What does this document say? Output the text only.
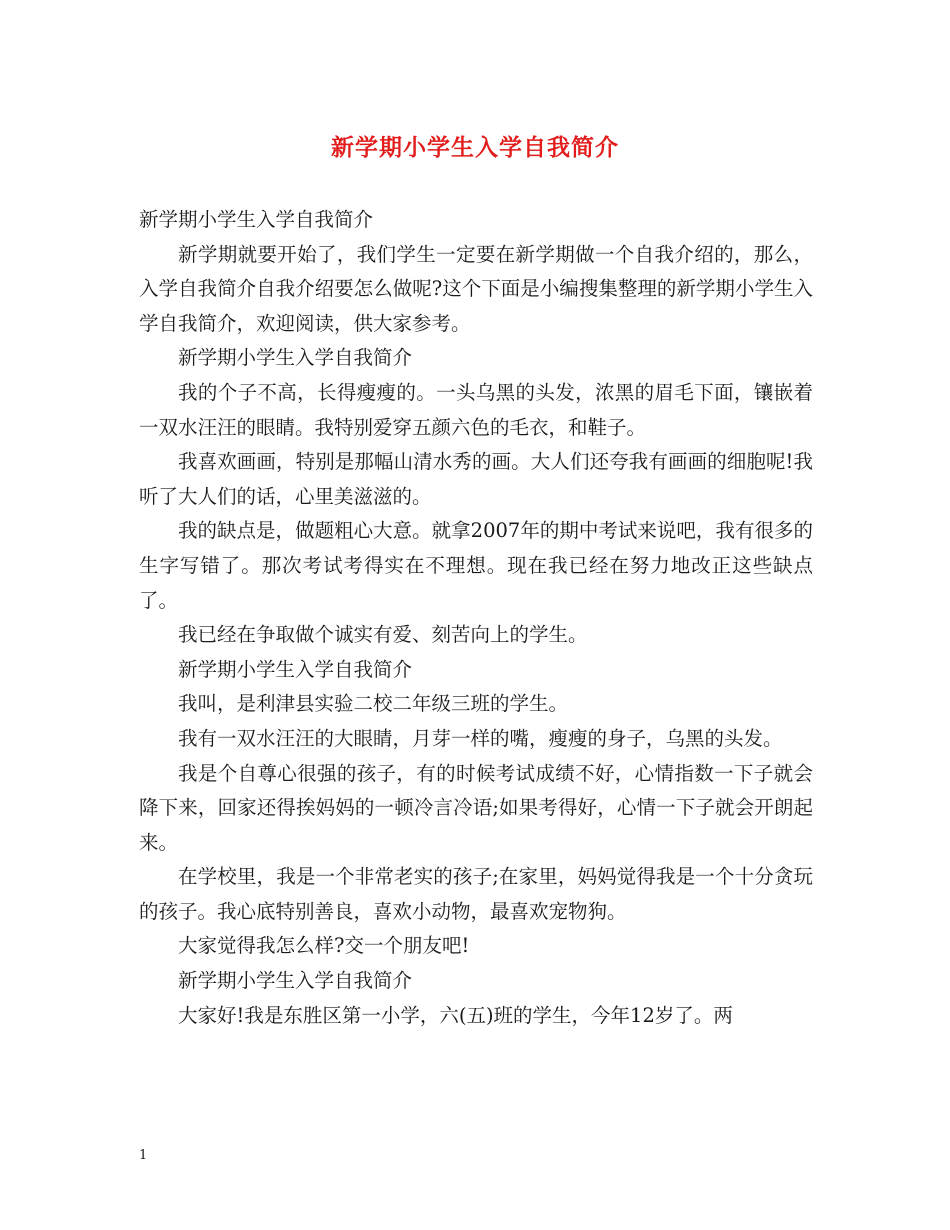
新学期小学生入学自我简介

新学期小学生入学自我简介

新学期就要开始了，我们学生一定要在新学期做一个自我介绍的，那么，入学自我简介自我介绍要怎么做呢?这个下面是小编搜集整理的新学期小学生入学自我简介，欢迎阅读，供大家参考。

新学期小学生入学自我简介

我的个子不高，长得瘦瘦的。一头乌黑的头发，浓黑的眉毛下面，镶嵌着一双水汪汪的眼睛。我特别爱穿五颜六色的毛衣，和鞋子。

我喜欢画画，特别是那幅山清水秀的画。大人们还夸我有画画的细胞呢!我听了大人们的话，心里美滋滋的。

我的缺点是，做题粗心大意。就拿2007年的期中考试来说吧，我有很多的生字写错了。那次考试考得实在不理想。现在我已经在努力地改正这些缺点了。

我已经在争取做个诚实有爱、刻苦向上的学生。

新学期小学生入学自我简介

我叫，是利津县实验二校二年级三班的学生。

我有一双水汪汪的大眼睛，月芽一样的嘴，瘦瘦的身子，乌黑的头发。

我是个自尊心很强的孩子，有的时候考试成绩不好，心情指数一下子就会降下来，回家还得挨妈妈的一顿冷言冷语;如果考得好，心情一下子就会开朗起来。

在学校里，我是一个非常老实的孩子;在家里，妈妈觉得我是一个十分贪玩的孩子。我心底特别善良，喜欢小动物，最喜欢宠物狗。

大家觉得我怎么样?交一个朋友吧!

新学期小学生入学自我简介

大家好!我是东胜区第一小学，六(五)班的学生，今年12岁了。两

1
